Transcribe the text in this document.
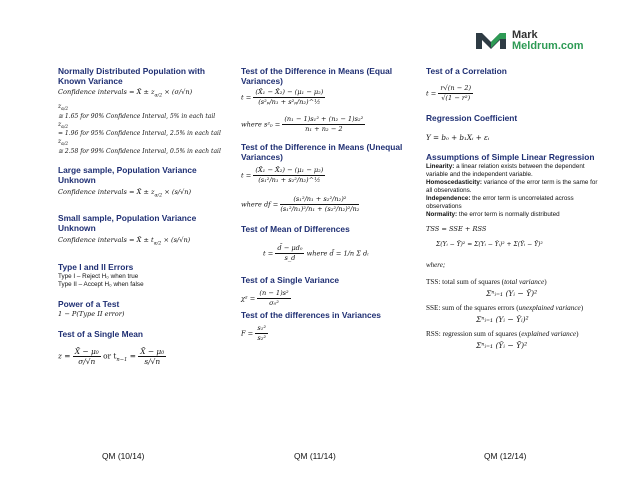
Mark
Meldrum.com
Normally Distributed Population with Known Variance
Confidence intervals = X̄ ± $z_{\alpha/2} \times (\sigma/√n)$
$z_{\alpha/2}$
≅ 1.65 for 90% Confidence Interval, 5% in each tail
$z_{\alpha/2}$
= 1.96 for 95% Confidence Interval, 2.5% in each tail
$z_{\alpha/2}$
≅ 2.58 for 99% Confidence Interval, 0.5% in each tail
Large sample, Population Variance Unknown
Confidence intervals = X̄ ± $z_{\alpha/2} \times (s/√n)$
Small sample, Population Variance Unknown
Confidence intervals = X̄ ± $t_{\alpha/2} \times (s/√n)$
Type I and II Errors
Type I – Reject H₀ when true
Type II – Accept H₀ when false
Power of a Test
1 − P(Type II error)
Test of a Single Mean
$z = \frac{\text{X̄ − μ₀}}{\sigma/√n}$ or $t_{n-1} = \frac{\text{X̄ − μ₀}}{s/√n}$
Test of the Difference in Means (Equal Variances)
$t = \frac{\text{(X̄₁ − X̄₂) − (μ₁ − μ₂)}}{\text{(s²ₚ/n₁ + s²ₚ/n₂)\textasciicircum{}½}}$
where $s^2_p = \frac{\text{(n₁ − 1)s₁² + (n₂ − 1)s₂²}}{\text{n₁ + n₂ − 2}}$
Test of the Difference in Means (Unequal Variances)
$t = \frac{\text{(X̄₁ − X̄₂) − (μ₁ − μ₂)}}{\text{(s₁²/n₁ + s₂²/n₂)\textasciicircum{}½}}$
where df = $\frac{\text{(s₁²/n₁ + s₂²/n₂)²}}{\text{(s₁²/n₁)²/n₁ + (s₂²/n₂)²/n₂}}$
Test of Mean of Differences
$t = \frac{\text{d̄ − μd₀}}{s\_d̄}$ where d̄ = 1/n Σ dᵢ
Test of a Single Variance
$\chi^2 = \frac{\text{(n − 1)s²}}{\text{σ₀²}}$
Test of the differences in Variances
$F = \frac{\text{s₁²}}{\text{s₂²}}$
Test of a Correlation
$t = \frac{r√(n - 2)}{\text{√(1 − r²)}}$
Regression Coefficient
Y = b₀ + b₁Xᵢ + εᵢ
Assumptions of Simple Linear Regression
Linearity: a linear relation exists between the dependent variable and the independent variable.
Homoscedasticity: variance of the error term is the same for all observations.
Independence: the error term is uncorrelated across observations
Normality: the error term is normally distributed
TSS = SSE + RSS
Σ(Yᵢ − Ȳ)² = Σ(Yᵢ − Ŷᵢ)² + Σ(Ŷᵢ − Ȳ)²
where;
TSS: total sum of squares (total variance)
Σⁿᵢ₌₁ (Yᵢ − Ȳ)²
SSE: sum of the squares errors (unexplained variance)
Σⁿᵢ₌₁ (Yᵢ − Ŷᵢ)²
RSS: regression sum of squares (explained variance)
Σⁿᵢ₌₁ (Ŷᵢ − Ȳ)²
QM (10/14)	QM (11/14)	QM (12/14)
